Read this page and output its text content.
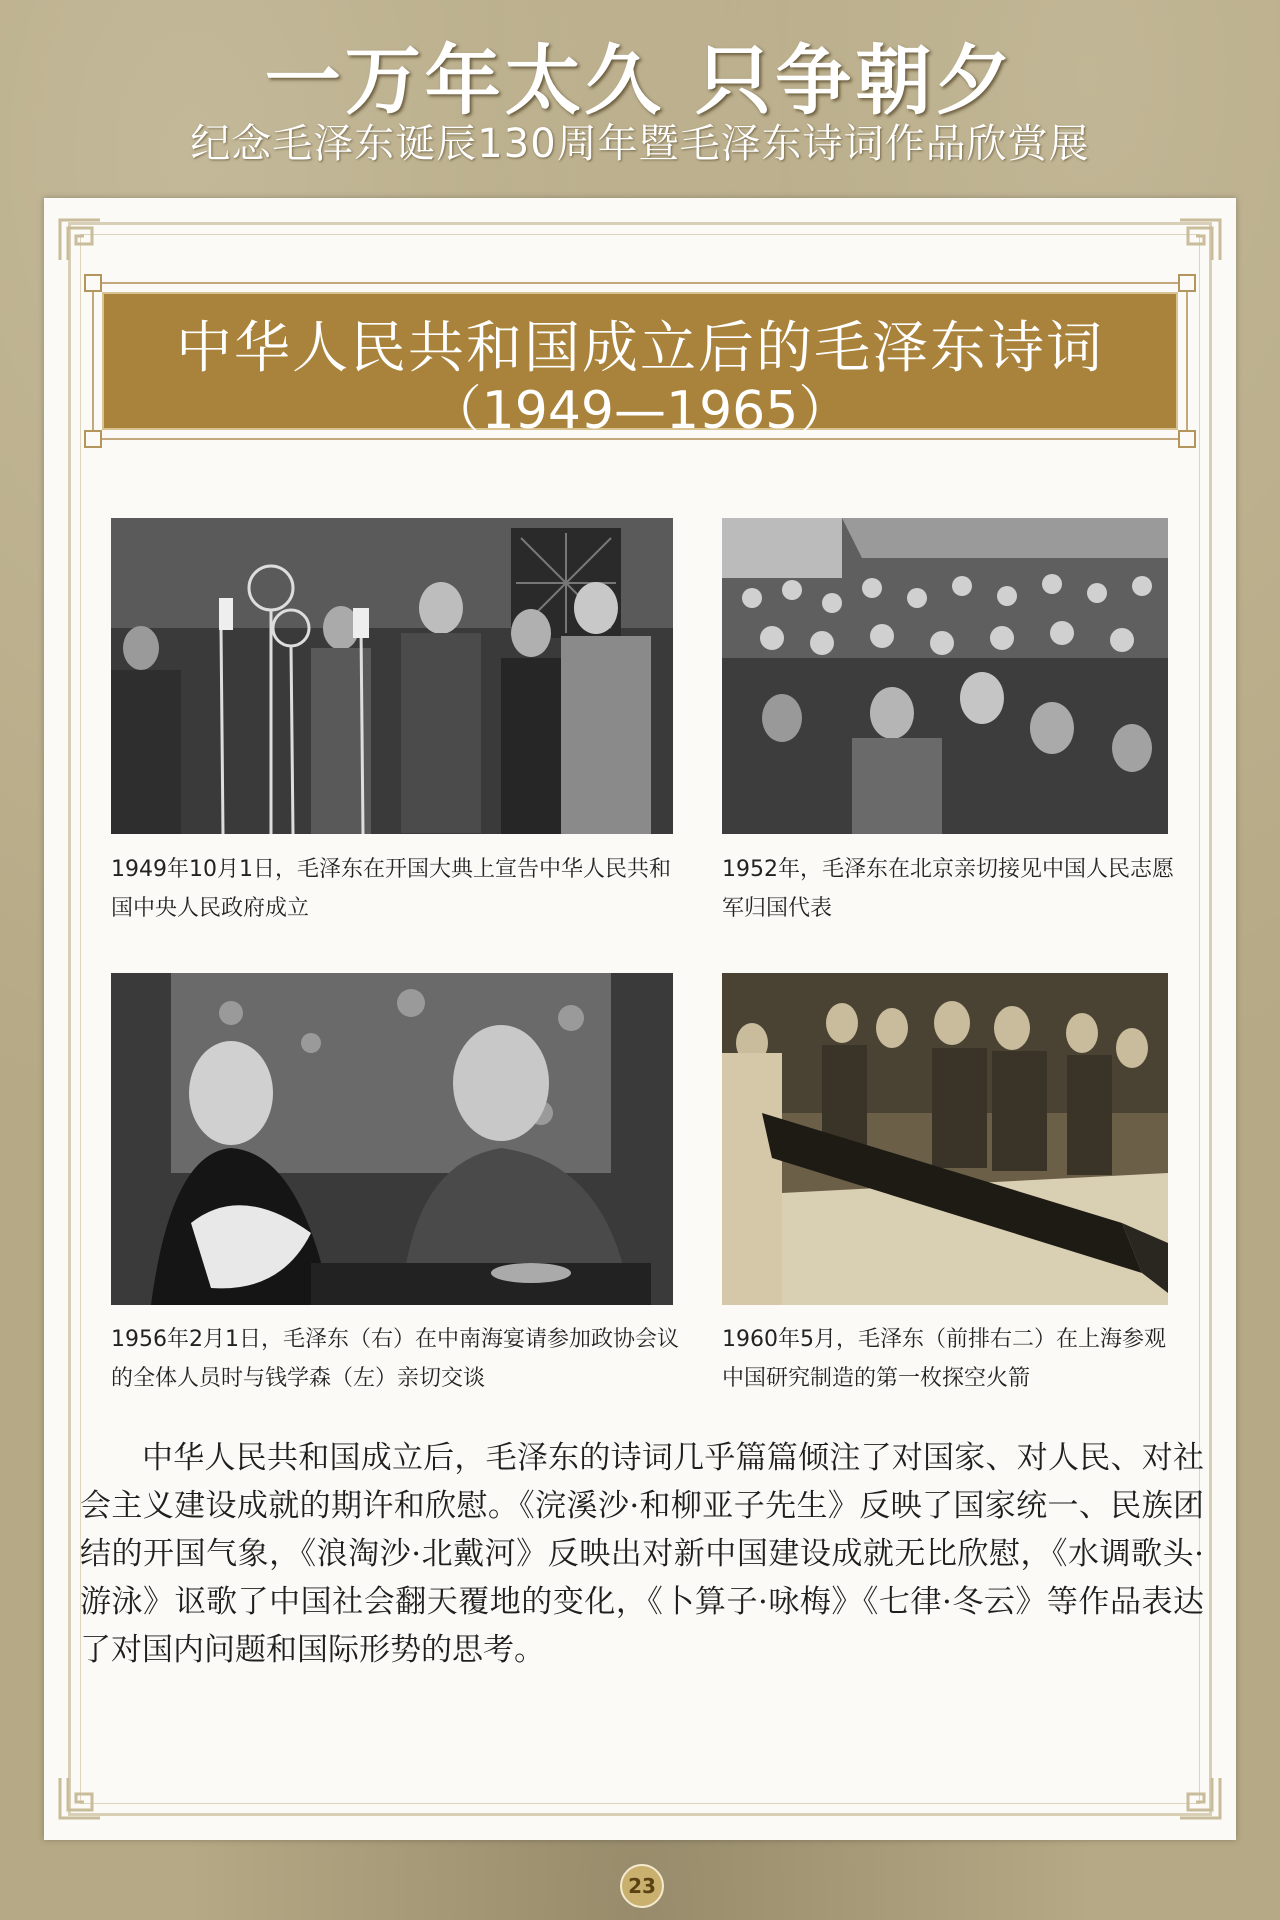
一万年太久 只争朝夕
纪念毛泽东诞辰130周年暨毛泽东诗词作品欣赏展
中华人民共和国成立后的毛泽东诗词
（1949—1965）
1949年10月1日，毛泽东在开国大典上宣告中华人民共和国中央人民政府成立
1952年，毛泽东在北京亲切接见中国人民志愿军归国代表
1956年2月1日，毛泽东（右）在中南海宴请参加政协会议的全体人员时与钱学森（左）亲切交谈
1960年5月，毛泽东（前排右二）在上海参观中国研究制造的第一枚探空火箭
中华人民共和国成立后，毛泽东的诗词几乎篇篇倾注了对国家、对人民、对社会主义建设成就的期许和欣慰。《浣溪沙·和柳亚子先生》反映了国家统一、民族团结的开国气象，《浪淘沙·北戴河》反映出对新中国建设成就无比欣慰，《水调歌头·游泳》讴歌了中国社会翻天覆地的变化，《卜算子·咏梅》《七律·冬云》等作品表达了对国内问题和国际形势的思考。
23
